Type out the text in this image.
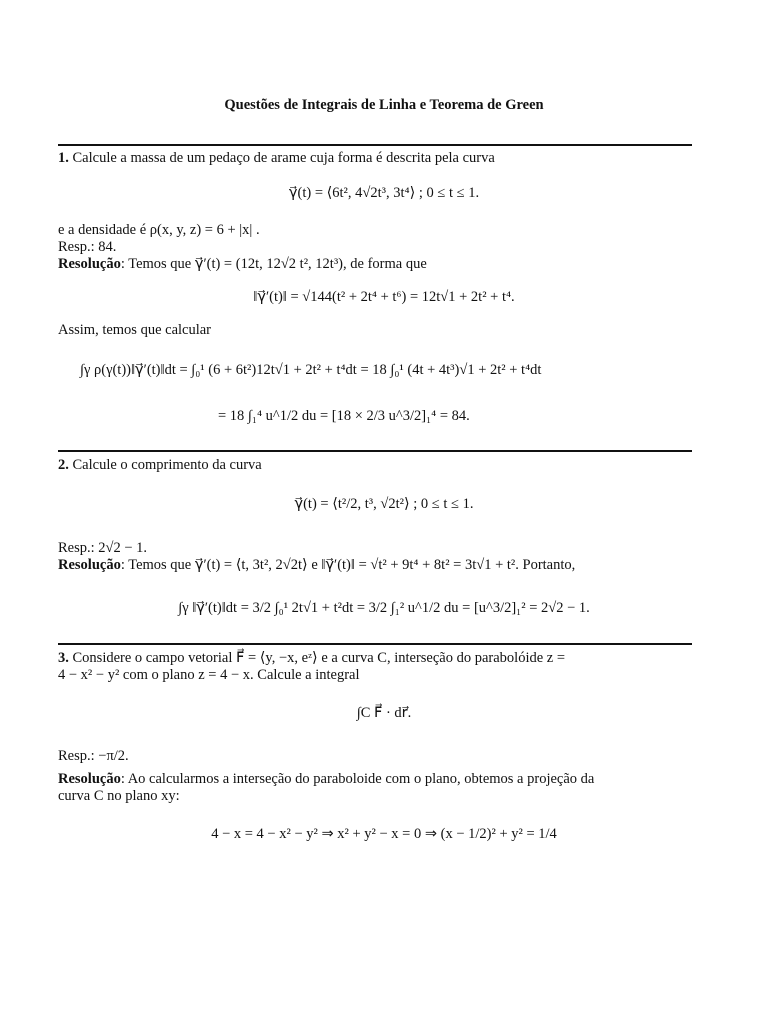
Questões de Integrais de Linha e Teorema de Green
1. Calcule a massa de um pedaço de arame cuja forma é descrita pela curva
γ⃗(t) = ⟨6t², 4√2t³, 3t⁴⟩ ; 0 ≤ t ≤ 1.
e a densidade é ρ(x, y, z) = 6 + |x| .
Resp.: 84.
Resolução: Temos que γ⃗′(t) = (12t, 12√2 t², 12t³), de forma que
‖γ⃗′(t)‖ = √144(t² + 2t⁴ + t⁶) = 12t√1 + 2t² + t⁴.
Assim, temos que calcular
∫γ ρ(γ(t))‖γ⃗′(t)‖dt = ∫₀¹ (6 + 6t²)12t√1 + 2t² + t⁴dt = 18 ∫₀¹ (4t + 4t³)√1 + 2t² + t⁴dt
= 18 ∫₁⁴ u^1/2 du = [18 × 2/3 u^3/2]₁⁴ = 84.
2. Calcule o comprimento da curva
γ⃗(t) = ⟨t²/2, t³, √2t²⟩ ; 0 ≤ t ≤ 1.
Resp.: 2√2 − 1.
Resolução: Temos que γ⃗′(t) = ⟨t, 3t², 2√2t⟩ e ‖γ⃗′(t)‖ = √t² + 9t⁴ + 8t² = 3t√1 + t². Portanto,
∫γ ‖γ⃗′(t)‖dt = 3/2 ∫₀¹ 2t√1 + t²dt = 3/2 ∫₁² u^1/2 du = [u^3/2]₁² = 2√2 − 1.
3. Considere o campo vetorial F⃗ = ⟨y, −x, eᶻ⟩ e a curva C, interseção do parabolóide z =
4 − x² − y² com o plano z = 4 − x. Calcule a integral
∫C F⃗ · dr⃗.
Resp.: −π/2.
Resolução: Ao calcularmos a interseção do paraboloide com o plano, obtemos a projeção da
curva C no plano xy:
4 − x = 4 − x² − y² ⇒ x² + y² − x = 0 ⇒ (x − 1/2)² + y² = 1/4
